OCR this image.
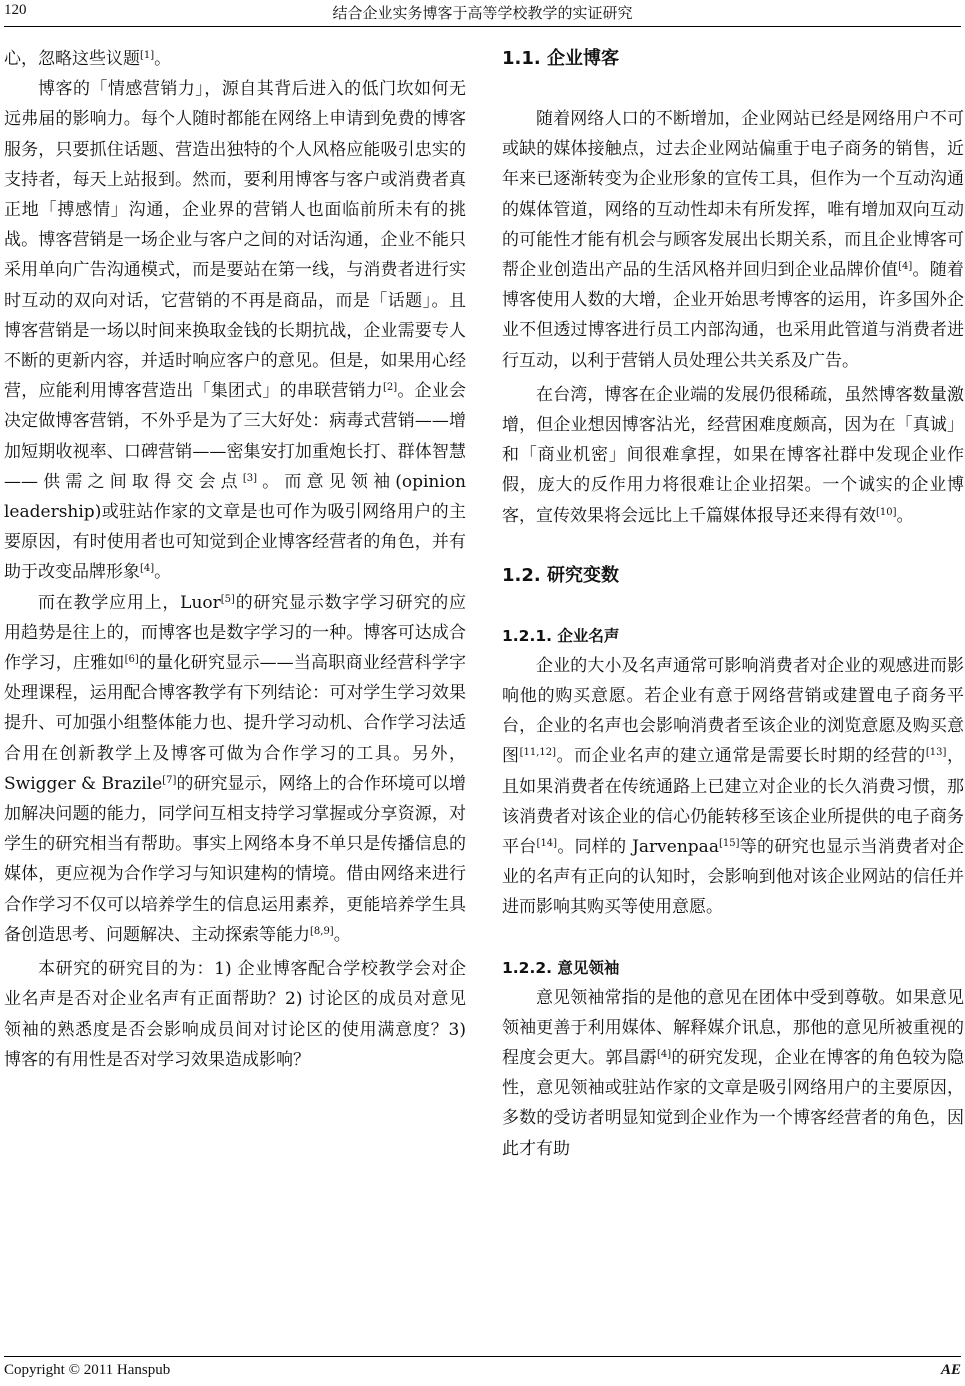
120	结合企业实务博客于高等学校教学的实证研究

心，忽略这些议题[1]。

博客的「情感营销力」，源自其背后进入的低门坎如何无远弗届的影响力。每个人随时都能在网络上申请到免费的博客服务，只要抓住话题、营造出独特的个人风格应能吸引忠实的支持者，每天上站报到。然而，要利用博客与客户或消费者真正地「搏感情」沟通，企业界的营销人也面临前所未有的挑战。博客营销是一场企业与客户之间的对话沟通，企业不能只采用单向广告沟通模式，而是要站在第一线，与消费者进行实时互动的双向对话，它营销的不再是商品，而是「话题」。且博客营销是一场以时间来换取金钱的长期抗战，企业需要专人不断的更新内容，并适时响应客户的意见。但是，如果用心经营，应能利用博客营造出「集团式」的串联营销力[2]。企业会决定做博客营销，不外乎是为了三大好处：病毒式营销——增加短期收视率、口碑营销——密集安打加重炮长打、群体智慧——供需之间取得交会点[3]。而意见领袖(opinion leadership)或驻站作家的文章是也可作为吸引网络用户的主要原因，有时使用者也可知觉到企业博客经营者的角色，并有助于改变品牌形象[4]。

而在教学应用上，Luor[5]的研究显示数字学习研究的应用趋势是往上的，而博客也是数字学习的一种。博客可达成合作学习，庄雅如[6]的量化研究显示——当高职商业经营科学字处理课程，运用配合博客教学有下列结论：可对学生学习效果提升、可加强小组整体能力也、提升学习动机、合作学习法适合用在创新教学上及博客可做为合作学习的工具。另外，Swigger & Brazile[7]的研究显示，网络上的合作环境可以增加解决问题的能力，同学问互相支持学习掌握或分享资源，对学生的研究相当有帮助。事实上网络本身不单只是传播信息的媒体，更应视为合作学习与知识建构的情境。借由网络来进行合作学习不仅可以培养学生的信息运用素养，更能培养学生具备创造思考、问题解决、主动探索等能力[8,9]。

本研究的研究目的为：1) 企业博客配合学校教学会对企业名声是否对企业名声有正面帮助？2) 讨论区的成员对意见领袖的熟悉度是否会影响成员间对讨论区的使用满意度？3) 博客的有用性是否对学习效果造成影响？

1.1. 企业博客

随着网络人口的不断增加，企业网站已经是网络用户不可或缺的媒体接触点，过去企业网站偏重于电子商务的销售，近年来已逐渐转变为企业形象的宣传工具，但作为一个互动沟通的媒体管道，网络的互动性却未有所发挥，唯有增加双向互动的可能性才能有机会与顾客发展出长期关系，而且企业博客可帮企业创造出产品的生活风格并回归到企业品牌价值[4]。随着博客使用人数的大增，企业开始思考博客的运用，许多国外企业不但透过博客进行员工内部沟通，也采用此管道与消费者进行互动，以利于营销人员处理公共关系及广告。

在台湾，博客在企业端的发展仍很稀疏，虽然博客数量激增，但企业想因博客沾光，经营困难度颇高，因为在「真诚」和「商业机密」间很难拿捏，如果在博客社群中发现企业作假，庞大的反作用力将很难让企业招架。一个诚实的企业博客，宣传效果将会远比上千篇媒体报导还来得有效[10]。

1.2. 研究变数
1.2.1. 企业名声

企业的大小及名声通常可影响消费者对企业的观感进而影响他的购买意愿。若企业有意于网络营销或建置电子商务平台，企业的名声也会影响消费者至该企业的浏览意愿及购买意图[11,12]。而企业名声的建立通常是需要长时期的经营的[13]，且如果消费者在传统通路上已建立对企业的长久消费习惯，那该消费者对该企业的信心仍能转移至该企业所提供的电子商务平台[14]。同样的 Jarvenpaa[15]等的研究也显示当消费者对企业的名声有正向的认知时，会影响到他对该企业网站的信任并进而影响其购买等使用意愿。

1.2.2. 意见领袖

意见领袖常指的是他的意见在团体中受到尊敬。如果意见领袖更善于利用媒体、解释媒介讯息，那他的意见所被重视的程度会更大。郭昌霨[4]的研究发现，企业在博客的角色较为隐性，意见领袖或驻站作家的文章是吸引网络用户的主要原因，多数的受访者明显知觉到企业作为一个博客经营者的角色，因此才有助

Copyright © 2011 Hanspub	AE
